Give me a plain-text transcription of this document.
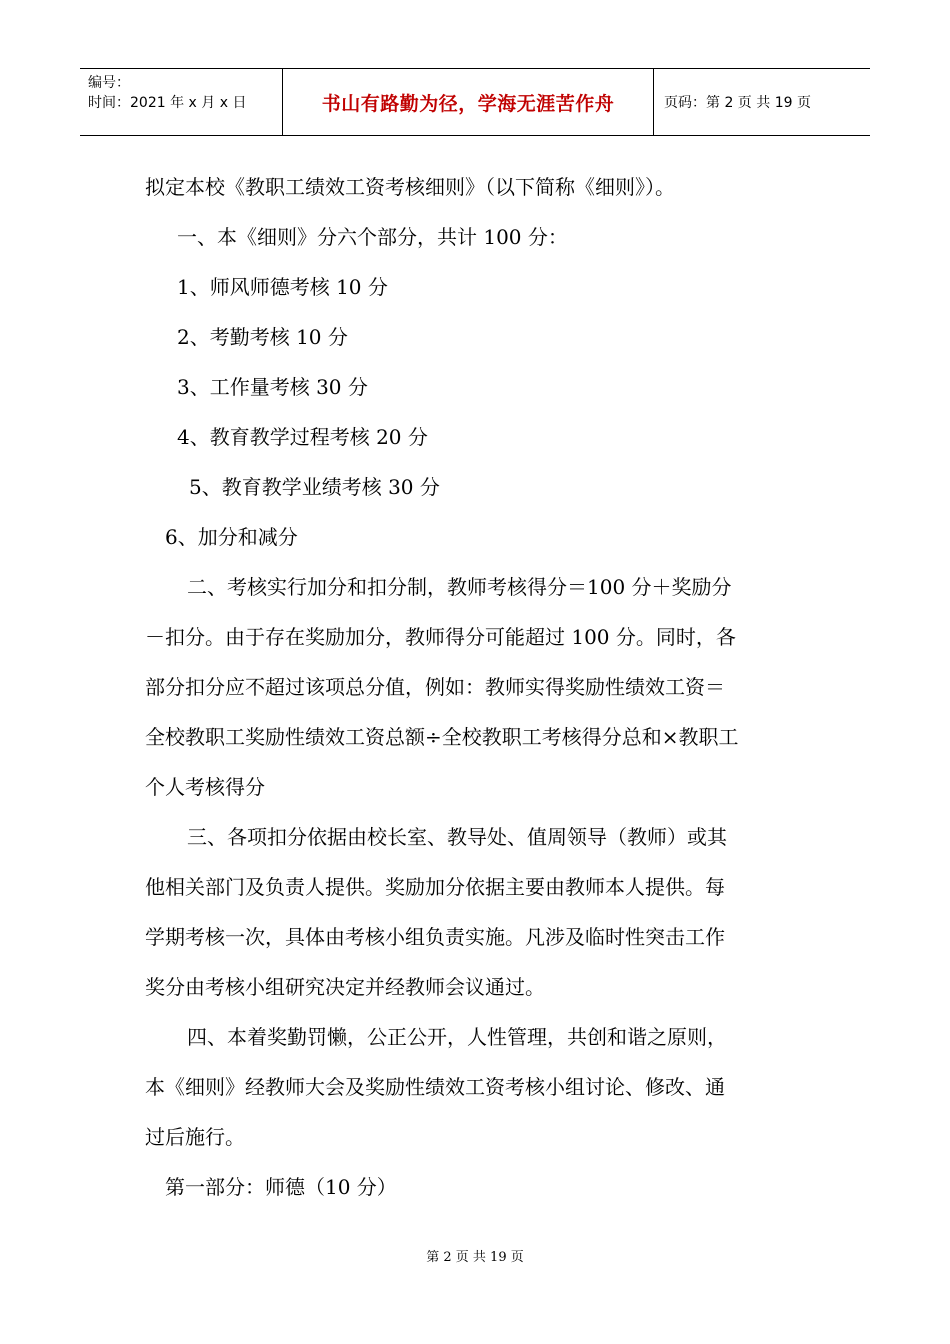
编号：
时间：2021 年 x 月 x 日	书山有路勤为径，学海无涯苦作舟	页码：第 2 页 共 19 页
拟定本校《教职工绩效工资考核细则》（以下简称《细则》）。
一、本《细则》分六个部分，共计 100 分：
1、师风师德考核 10 分
2、考勤考核 10 分
3、工作量考核 30 分
4、教育教学过程考核 20 分
5、教育教学业绩考核 30 分
6、加分和减分
二、考核实行加分和扣分制，教师考核得分＝100 分＋奖励分
－扣分。由于存在奖励加分，教师得分可能超过 100 分。同时，各
部分扣分应不超过该项总分值，例如：教师实得奖励性绩效工资＝
全校教职工奖励性绩效工资总额÷全校教职工考核得分总和×教职工
个人考核得分
三、各项扣分依据由校长室、教导处、值周领导（教师）或其
他相关部门及负责人提供。奖励加分依据主要由教师本人提供。每
学期考核一次，具体由考核小组负责实施。凡涉及临时性突击工作
奖分由考核小组研究决定并经教师会议通过。
四、本着奖勤罚懒，公正公开，人性管理，共创和谐之原则，
本《细则》经教师大会及奖励性绩效工资考核小组讨论、修改、通
过后施行。
第一部分：师德（10 分）
第 2 页 共 19 页
